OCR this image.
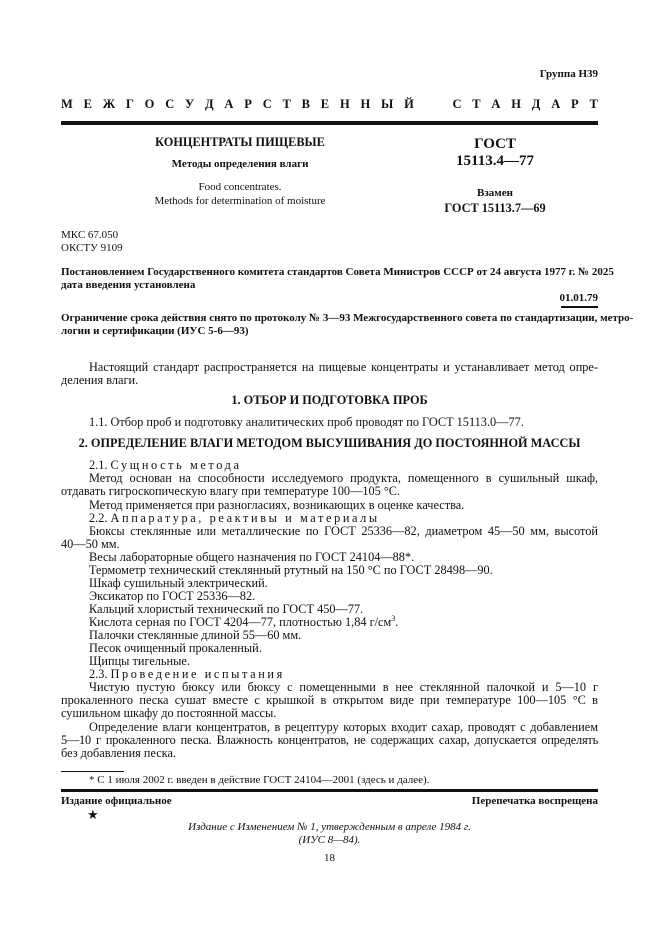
Группа Н39
М Е Ж Г О С У Д А Р С Т В Е Н Н Ы Й

	С Т А Н Д А Р Т
КОНЦЕНТРАТЫ ПИЩЕВЫЕ
Методы определения влаги
Food concentrates.
Methods for determination of moisture
ГОСТ
15113.4—77
Взамен
ГОСТ 15113.7—69
МКС 67.050
ОКСТУ 9109
Постановлением Государственного комитета стандартов Совета Министров СССР от 24 августа 1977 г. № 2025
дата введения установлена
01.01.79
Ограничение срока действия снято по протоколу № 3—93 Межгосударственного совета по стандартизации, метро-
логии и сертификации (ИУС 5-6—93)
Настоящий стандарт распространяется на пищевые концентраты и устанавливает метод опре-
деления влаги.
1. ОТБОР И ПОДГОТОВКА ПРОБ
1.1. Отбор проб и подготовку аналитических проб проводят по ГОСТ 15113.0—77.
2. ОПРЕДЕЛЕНИЕ ВЛАГИ МЕТОДОМ ВЫСУШИВАНИЯ ДО ПОСТОЯННОЙ МАССЫ
2.1. Сущность метода
Метод основан на способности исследуемого продукта, помещенного в сушильный шкаф,
отдавать гигроскопическую влагу при температуре 100—105 °С.
Метод применяется при разногласиях, возникающих в оценке качества.
2.2. Аппаратура, реактивы и материалы
Бюксы стеклянные или металлические по ГОСТ 25336—82, диаметром 45—50 мм, высотой
40—50 мм.
Весы лабораторные общего назначения по ГОСТ 24104—88*.
Термометр технический стеклянный ртутный на 150 °С по ГОСТ 28498—90.
Шкаф сушильный электрический.
Эксикатор по ГОСТ 25336—82.
Кальций хлористый технический по ГОСТ 450—77.
Кислота серная по ГОСТ 4204—77, плотностью 1,84 $г/см^3$.
Палочки стеклянные длиной 55—60 мм.
Песок очищенный прокаленный.
Щипцы тигельные.
2.3. Проведение испытания
Чистую пустую бюксу или бюксу с помещенными в нее стеклянной палочкой и 5—10 г
прокаленного песка сушат вместе с крышкой в открытом виде при температуре 100—105 °С в
сушильном шкафу до постоянной массы.
Определение влаги концентратов, в рецептуру которых входит сахар, проводят с добавлением
5—10 г прокаленного песка. Влажность концентратов, не содержащих сахар, допускается определять
без добавления песка.
* С 1 июля 2002 г. введен в действие ГОСТ 24104—2001 (здесь и далее).
Издание официальное	Перепечатка воспрещена
★
Издание с Изменением № 1, утвержденным в апреле 1984 г.
(ИУС 8—84).
18
